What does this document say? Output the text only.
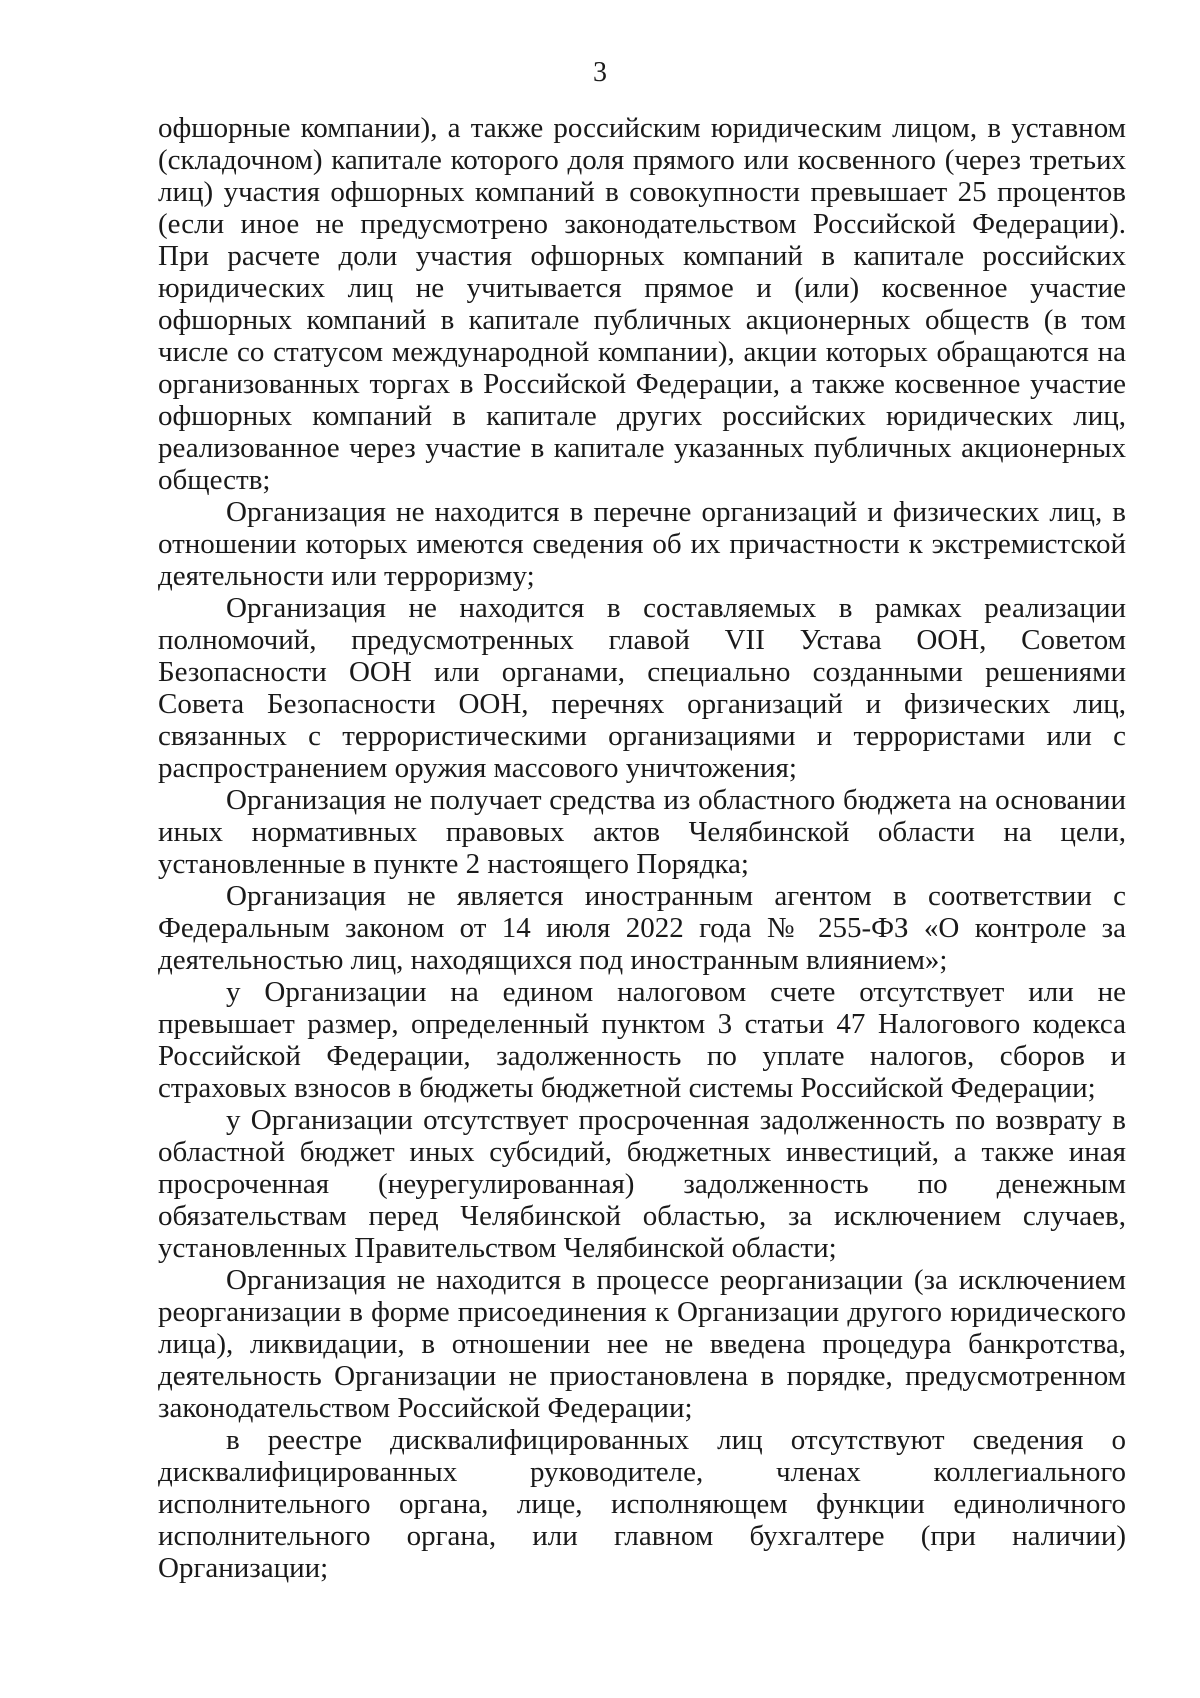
3

офшорные компании), а также российским юридическим лицом, в уставном (складочном) капитале которого доля прямого или косвенного (через третьих лиц) участия офшорных компаний в совокупности превышает 25 процентов (если иное не предусмотрено законодательством Российской Федерации). При расчете доли участия офшорных компаний в капитале российских юридических лиц не учитывается прямое и (или) косвенное участие офшорных компаний в капитале публичных акционерных обществ (в том числе со статусом международной компании), акции которых обращаются на организованных торгах в Российской Федерации, а также косвенное участие офшорных компаний в капитале других российских юридических лиц, реализованное через участие в капитале указанных публичных акционерных обществ;

Организация не находится в перечне организаций и физических лиц, в отношении которых имеются сведения об их причастности к экстремистской деятельности или терроризму;

Организация не находится в составляемых в рамках реализации полномочий, предусмотренных главой VII Устава ООН, Советом Безопасности ООН или органами, специально созданными решениями Совета Безопасности ООН, перечнях организаций и физических лиц, связанных с террористическими организациями и террористами или с распространением оружия массового уничтожения;

Организация не получает средства из областного бюджета на основании иных нормативных правовых актов Челябинской области на цели, установленные в пункте 2 настоящего Порядка;

Организация не является иностранным агентом в соответствии с Федеральным законом от 14 июля 2022 года № 255-ФЗ «О контроле за деятельностью лиц, находящихся под иностранным влиянием»;

у Организации на едином налоговом счете отсутствует или не превышает размер, определенный пунктом 3 статьи 47 Налогового кодекса Российской Федерации, задолженность по уплате налогов, сборов и страховых взносов в бюджеты бюджетной системы Российской Федерации;

у Организации отсутствует просроченная задолженность по возврату в областной бюджет иных субсидий, бюджетных инвестиций, а также иная просроченная (неурегулированная) задолженность по денежным обязательствам перед Челябинской областью, за исключением случаев, установленных Правительством Челябинской области;

Организация не находится в процессе реорганизации (за исключением реорганизации в форме присоединения к Организации другого юридического лица), ликвидации, в отношении нее не введена процедура банкротства, деятельность Организации не приостановлена в порядке, предусмотренном законодательством Российской Федерации;

в реестре дисквалифицированных лиц отсутствуют сведения о дисквалифицированных руководителе, членах коллегиального исполнительного органа, лице, исполняющем функции единоличного исполнительного органа, или главном бухгалтере (при наличии) Организации;
